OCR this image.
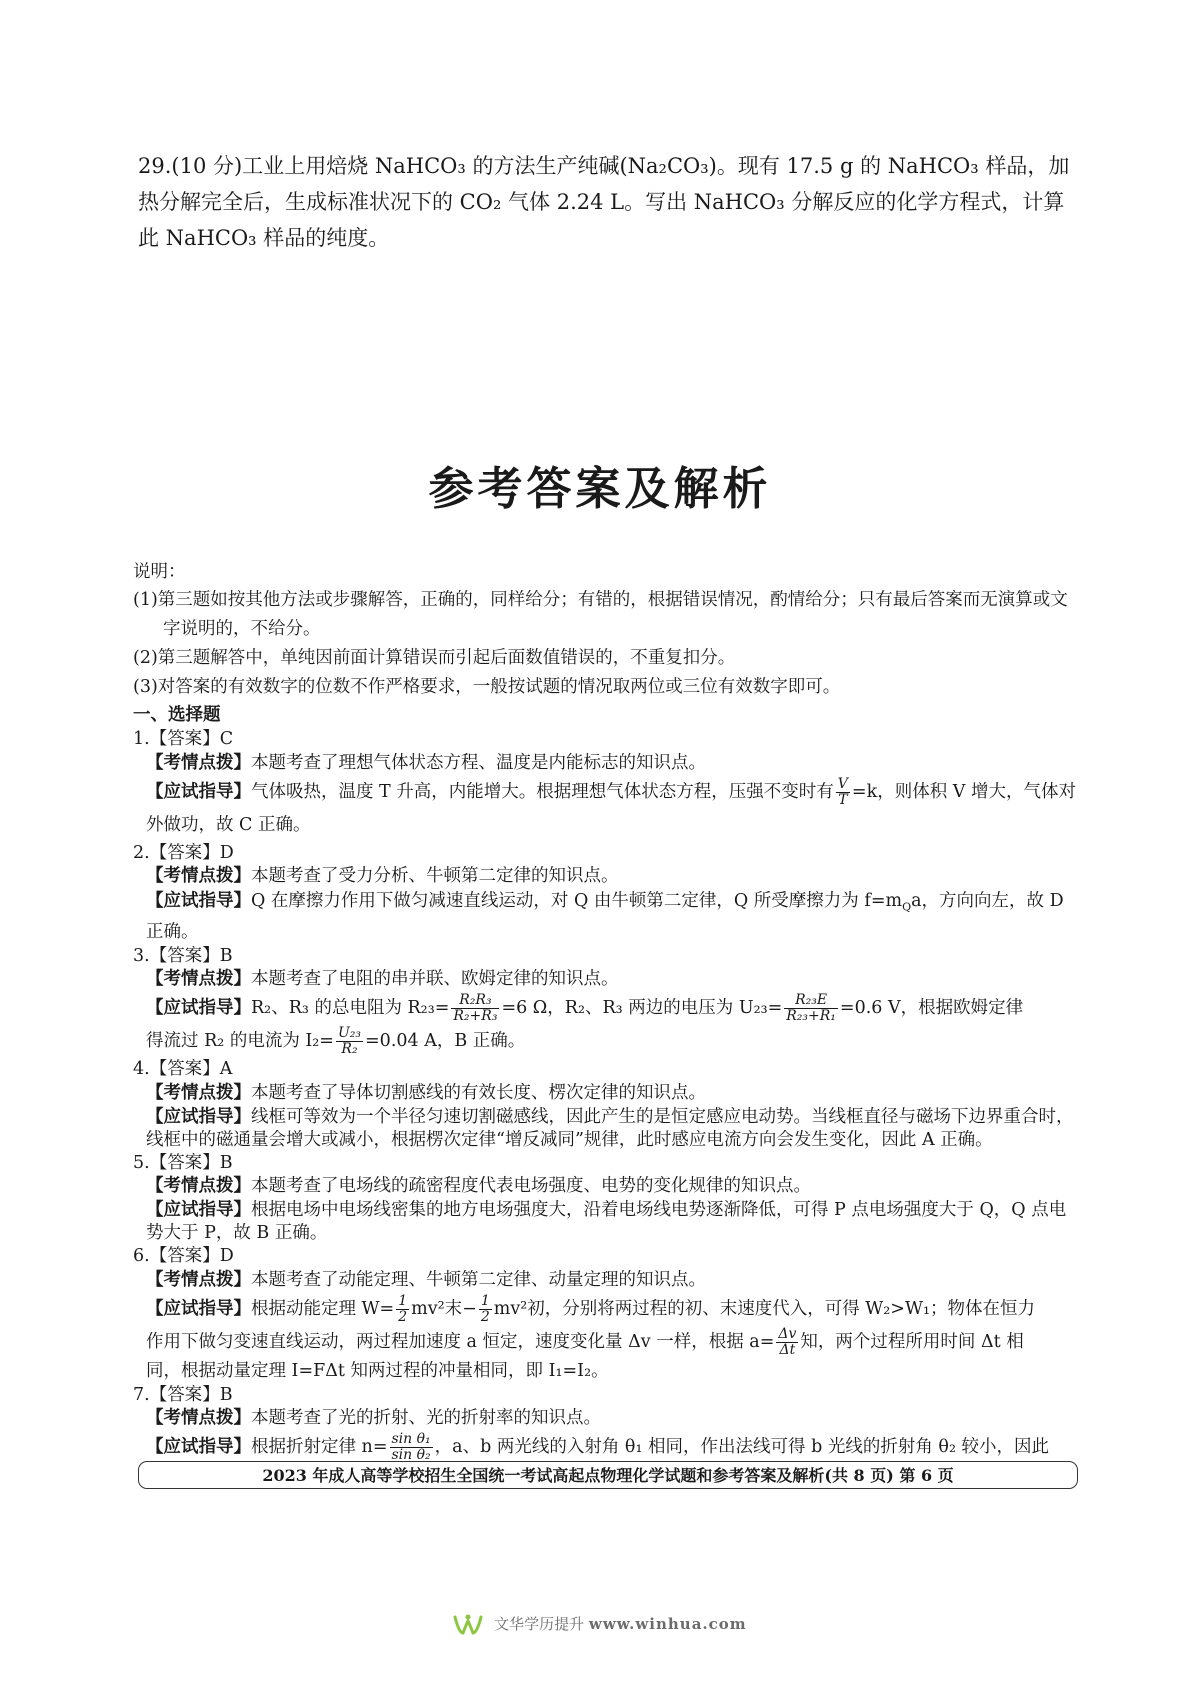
29.(10 分)工业上用焙烧 NaHCO₃ 的方法生产纯碱(Na₂CO₃)。现有 17.5 g 的 NaHCO₃ 样品，加热分解完全后，生成标准状况下的 CO₂ 气体 2.24 L。写出 NaHCO₃ 分解反应的化学方程式，计算此 NaHCO₃ 样品的纯度。
参考答案及解析
说明：
(1)第三题如按其他方法或步骤解答，正确的，同样给分；有错的，根据错误情况，酌情给分；只有最后答案而无演算或文字说明的，不给分。
(2)第三题解答中，单纯因前面计算错误而引起后面数值错误的，不重复扣分。
(3)对答案的有效数字的位数不作严格要求，一般按试题的情况取两位或三位有效数字即可。
一、选择题
1.【答案】C
【考情点拨】本题考查了理想气体状态方程、温度是内能标志的知识点。
【应试指导】气体吸热，温度 T 升高，内能增大。根据理想气体状态方程，压强不变时有 $\frac{V}{T} =k$，则体积 V 增大，气体对外做功，故 C 正确。
2.【答案】D
【考情点拨】本题考查了受力分析、牛顿第二定律的知识点。
【应试指导】Q 在摩擦力作用下做匀减速直线运动，对 Q 由牛顿第二定律，Q 所受摩擦力为 $f=m_Qa$，方向向左，故 D 正确。
3.【答案】B
【考情点拨】本题考查了电阻的串并联、欧姆定律的知识点。
【应试指导】R₂、R₃ 的总电阻为 $R_{23}= \frac{\text{R₂R₃}}{\text{R₂+R₃}} =6$ Ω，R₂、R₃ 两边的电压为 $U_{23}= \frac{\text{R₂₃E}}{\text{R₂₃+R₁}} =0.6$ V，根据欧姆定律
得流过 R₂ 的电流为 $I_2= \frac{\text{U₂₃}}{\text{R₂}} =0.04$ A，B 正确。
4.【答案】A
【考情点拨】本题考查了导体切割感线的有效长度、楞次定律的知识点。
【应试指导】线框可等效为一个半径匀速切割磁感线，因此产生的是恒定感应电动势。当线框直径与磁场下边界重合时，线框中的磁通量会增大或减小，根据楞次定律“增反减同”规律，此时感应电流方向会发生变化，因此 A 正确。
5.【答案】B
【考情点拨】本题考查了电场线的疏密程度代表电场强度、电势的变化规律的知识点。
【应试指导】根据电场中电场线密集的地方电场强度大，沿着电场线电势逐渐降低，可得 P 点电场强度大于 Q，Q 点电势大于 P，故 B 正确。
6.【答案】D
【考情点拨】本题考查了动能定理、牛顿第二定律、动量定理的知识点。
【应试指导】根据动能定理 $W= \frac{1}{2} mv^2$末− $\frac{1}{2} mv^2$初，分别将两过程的初、末速度代入，可得 W₂>W₁；物体在恒力
作用下做匀变速直线运动，两过程加速度 a 恒定，速度变化量 Δv 一样，根据 $a= \frac{\Delta v}{\Delta t}$ 知，两个过程所用时间 Δt 相
同，根据动量定理 I=FΔt 知两过程的冲量相同，即 I₁=I₂。
7.【答案】B
【考情点拨】本题考查了光的折射、光的折射率的知识点。
【应试指导】根据折射定律 $n= \frac{\text{sin θ₁}}{\text{sin θ₂}}$ ，a、b 两光线的入射角 θ₁ 相同，作出法线可得 b 光线的折射角 θ₂ 较小，因此
2023 年成人高等学校招生全国统一考试高起点物理化学试题和参考答案及解析(共 8 页) 第 6 页
文华学历提升 www.winhua.com
